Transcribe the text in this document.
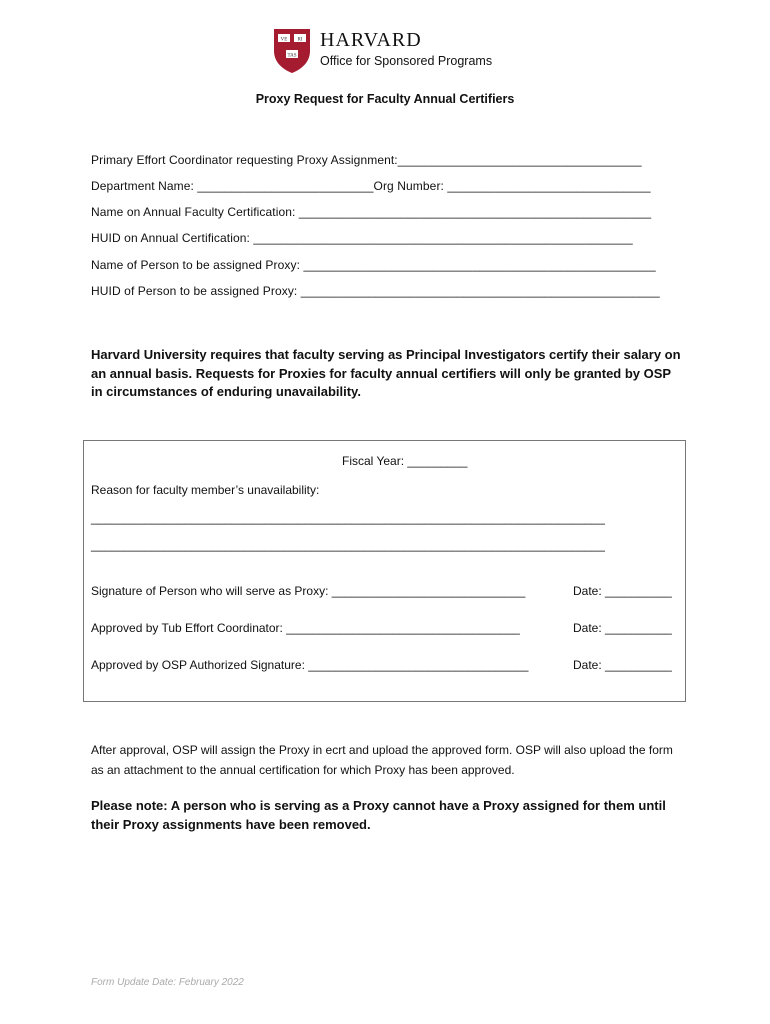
VE RI
TAS
HARVARD
Office for Sponsored Programs
Proxy Request for Faculty Annual Certifiers
Primary Effort Coordinator requesting Proxy Assignment:____________________________________
Department Name: __________________________Org Number: ______________________________
Name on Annual Faculty Certification: ____________________________________________________
HUID on Annual Certification: ________________________________________________________
Name of Person to be assigned Proxy: ____________________________________________________
HUID of Person to be assigned Proxy: _____________________________________________________
Harvard University requires that faculty serving as Principal Investigators certify their salary on an annual basis. Requests for Proxies for faculty annual certifiers will only be granted by OSP in circumstances of enduring unavailability.
Fiscal Year: _________
Reason for faculty member’s unavailability:
_____________________________________________________________________________
_____________________________________________________________________________
Signature of Person who will serve as Proxy: _____________________________	Date: __________
Approved by Tub Effort Coordinator: ___________________________________	Date: __________
Approved by OSP Authorized Signature: _________________________________	Date: __________
After approval, OSP will assign the Proxy in ecrt and upload the approved form. OSP will also upload the form as an attachment to the annual certification for which Proxy has been approved.
Please note: A person who is serving as a Proxy cannot have a Proxy assigned for them until their Proxy assignments have been removed.
Form Update Date: February 2022
